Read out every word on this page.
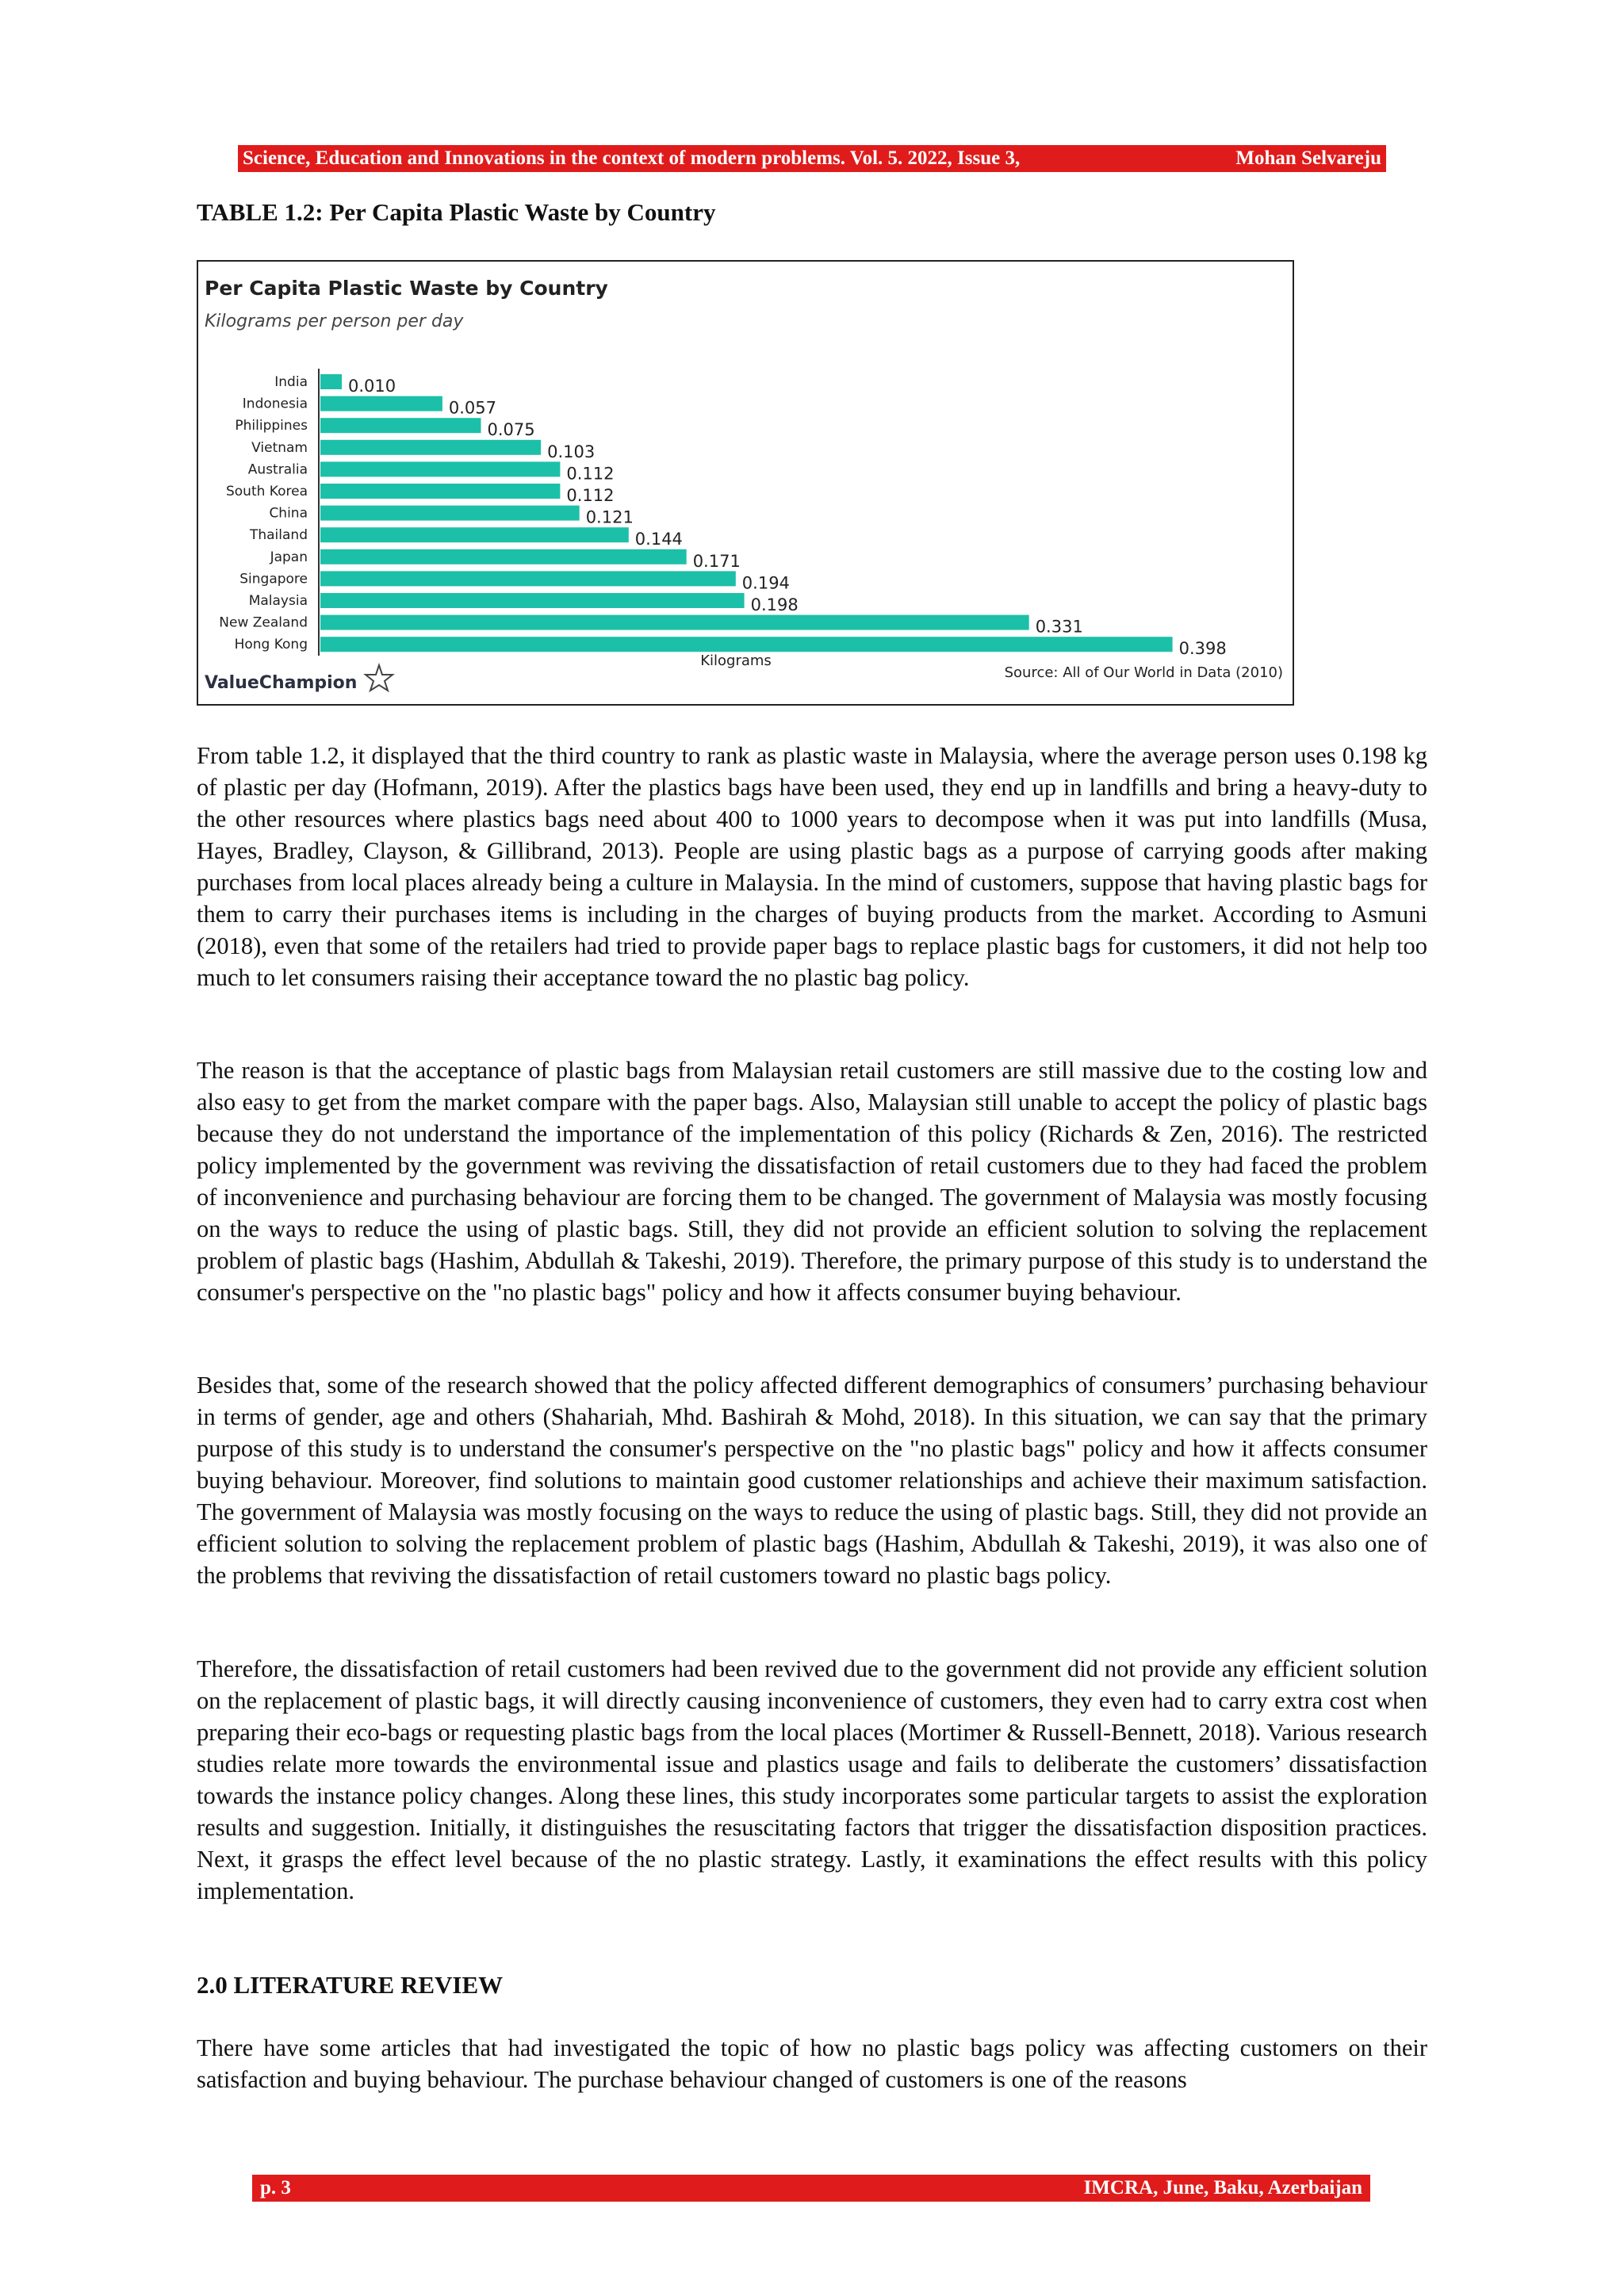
Science, Education and Innovations in the context of modern problems. Vol. 5. 2022, Issue 3,	Mohan Selvareju
TABLE 1.2: Per Capita Plastic Waste by Country
Per Capita Plastic Waste by Country
Kilograms per person per day
India 0.010
Indonesia	0.057
Philippines	0.075
Vietnam	0.103
Australia	0.112
South Korea	0.112
China	0.121
Thailand	0.144
Japan	0.171
Singapore	0.194
Malaysia	0.198
New Zealand	0.331
Hong Kong	0.398
Kilograms
Source: All of Our World in Data (2010)
ValueChampion
From table 1.2, it displayed that the third country to rank as plastic waste in Malaysia, where the average person uses 0.198 kg of plastic per day (Hofmann, 2019). After the plastics bags have been used, they end up in landfills and bring a heavy-duty to the other resources where plastics bags need about 400 to 1000 years to decompose when it was put into landfills (Musa, Hayes, Bradley, Clayson, & Gillibrand, 2013). People are using plastic bags as a purpose of carrying goods after making purchases from local places already being a culture in Malaysia. In the mind of customers, suppose that having plastic bags for them to carry their purchases items is including in the charges of buying products from the market. According to Asmuni (2018), even that some of the retailers had tried to provide paper bags to replace plastic bags for customers, it did not help too much to let consumers raising their acceptance toward the no plastic bag policy.
The reason is that the acceptance of plastic bags from Malaysian retail customers are still massive due to the costing low and also easy to get from the market compare with the paper bags. Also, Malaysian still unable to accept the policy of plastic bags because they do not understand the importance of the implementation of this policy (Richards & Zen, 2016). The restricted policy implemented by the government was reviving the dissatisfaction of retail customers due to they had faced the problem of inconvenience and purchasing behaviour are forcing them to be changed. The government of Malaysia was mostly focusing on the ways to reduce the using of plastic bags. Still, they did not provide an efficient solution to solving the replacement problem of plastic bags (Hashim, Abdullah & Takeshi, 2019). Therefore, the primary purpose of this study is to understand the consumer's perspective on the "no plastic bags" policy and how it affects consumer buying behaviour.
Besides that, some of the research showed that the policy affected different demographics of consumers’ purchasing behaviour in terms of gender, age and others (Shahariah, Mhd. Bashirah & Mohd, 2018). In this situation, we can say that the primary purpose of this study is to understand the consumer's perspective on the "no plastic bags" policy and how it affects consumer buying behaviour. Moreover, find solutions to maintain good customer relationships and achieve their maximum satisfaction. The government of Malaysia was mostly focusing on the ways to reduce the using of plastic bags. Still, they did not provide an efficient solution to solving the replacement problem of plastic bags (Hashim, Abdullah & Takeshi, 2019), it was also one of the problems that reviving the dissatisfaction of retail customers toward no plastic bags policy.
Therefore, the dissatisfaction of retail customers had been revived due to the government did not provide any efficient solution on the replacement of plastic bags, it will directly causing inconvenience of customers, they even had to carry extra cost when preparing their eco-bags or requesting plastic bags from the local places (Mortimer & Russell-Bennett, 2018). Various research studies relate more towards the environmental issue and plastics usage and fails to deliberate the customers’ dissatisfaction towards the instance policy changes. Along these lines, this study incorporates some particular targets to assist the exploration results and suggestion. Initially, it distinguishes the resuscitating factors that trigger the dissatisfaction disposition practices. Next, it grasps the effect level because of the no plastic strategy. Lastly, it examinations the effect results with this policy implementation.
2.0 LITERATURE REVIEW
There have some articles that had investigated the topic of how no plastic bags policy was affecting customers on their satisfaction and buying behaviour. The purchase behaviour changed of customers is one of the reasons
p. 3	IMCRA, June, Baku, Azerbaijan
